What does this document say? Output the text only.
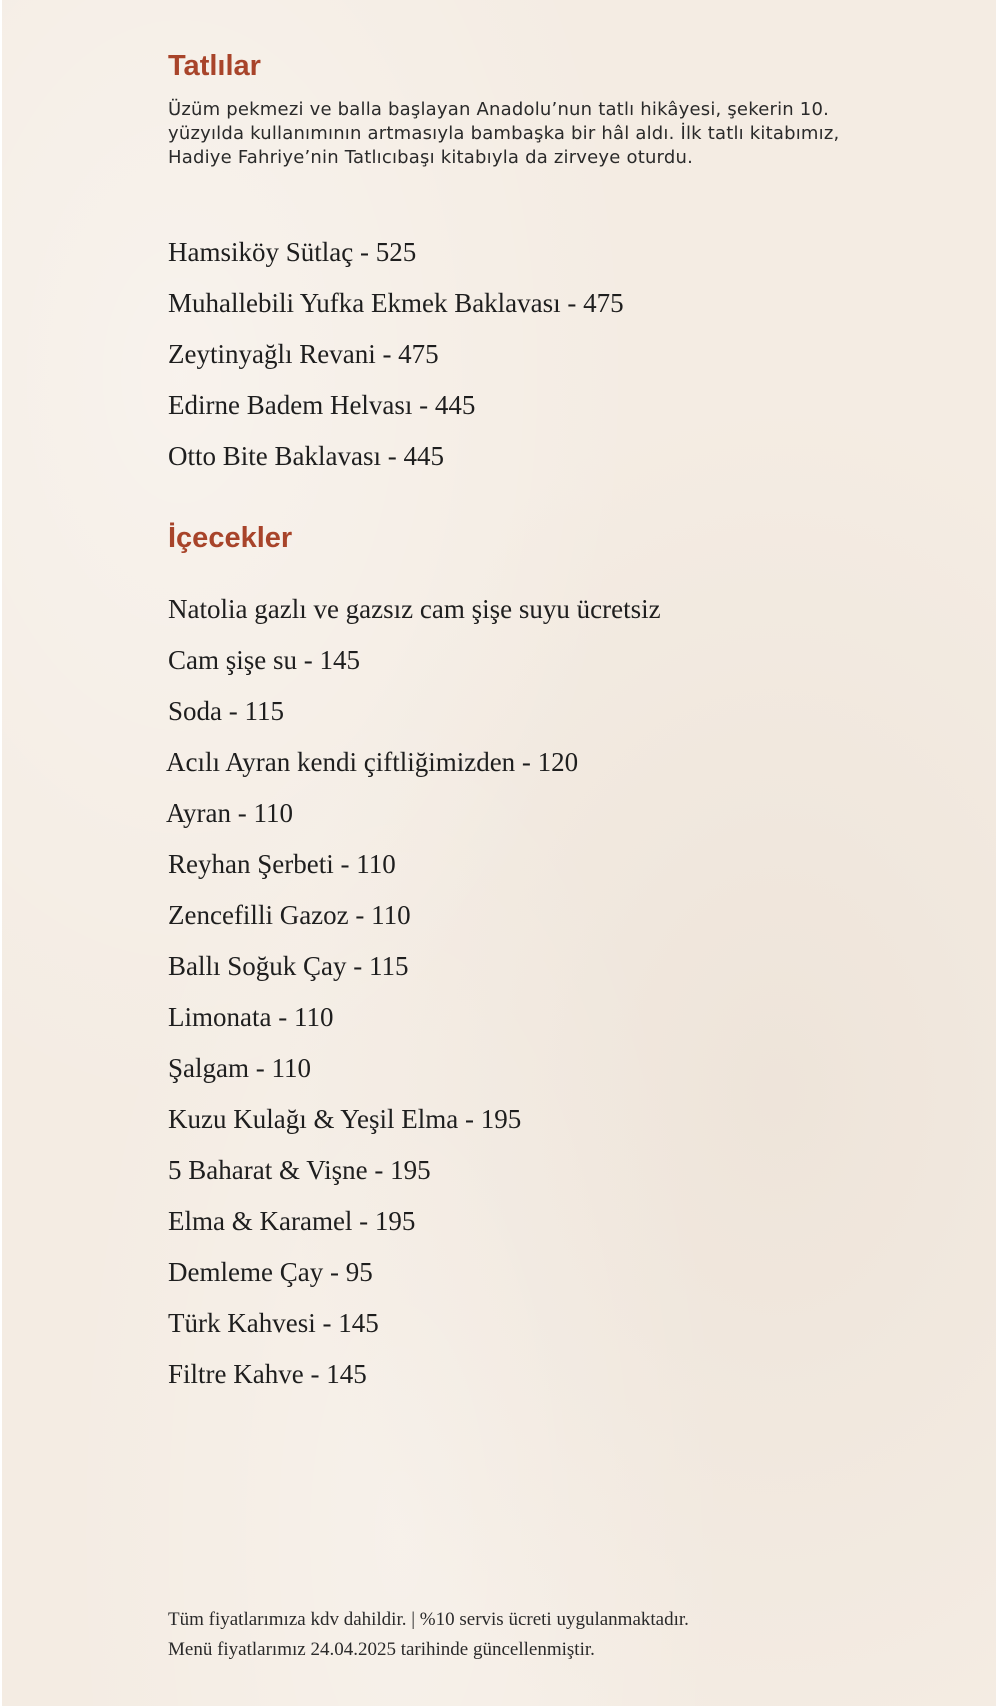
Tatlılar

Üzüm pekmezi ve balla başlayan Anadolu’nun tatlı hikâyesi, şekerin 10. yüzyılda kullanımının artmasıyla bambaşka bir hâl aldı. İlk tatlı kitabımız, Hadiye Fahriye’nin Tatlıcıbaşı kitabıyla da zirveye oturdu.

Hamsiköy Sütlaç - 525

Muhallebili Yufka Ekmek Baklavası - 475

Zeytinyağlı Revani - 475

Edirne Badem Helvası - 445

Otto Bite Baklavası - 445

İçecekler

Natolia gazlı ve gazsız cam şişe suyu ücretsiz

Cam şişe su - 145

Soda - 115

Acılı Ayran kendi çiftliğimizden - 120

Ayran - 110

Reyhan Şerbeti - 110

Zencefilli Gazoz - 110

Ballı Soğuk Çay - 115

Limonata - 110

Şalgam - 110

Kuzu Kulağı & Yeşil Elma - 195

5 Baharat & Vişne - 195

Elma & Karamel - 195

Demleme Çay - 95

Türk Kahvesi - 145

Filtre Kahve - 145

Tüm fiyatlarımıza kdv dahildir. | %10 servis ücreti uygulanmaktadır.

Menü fiyatlarımız 24.04.2025 tarihinde güncellenmiştir.
